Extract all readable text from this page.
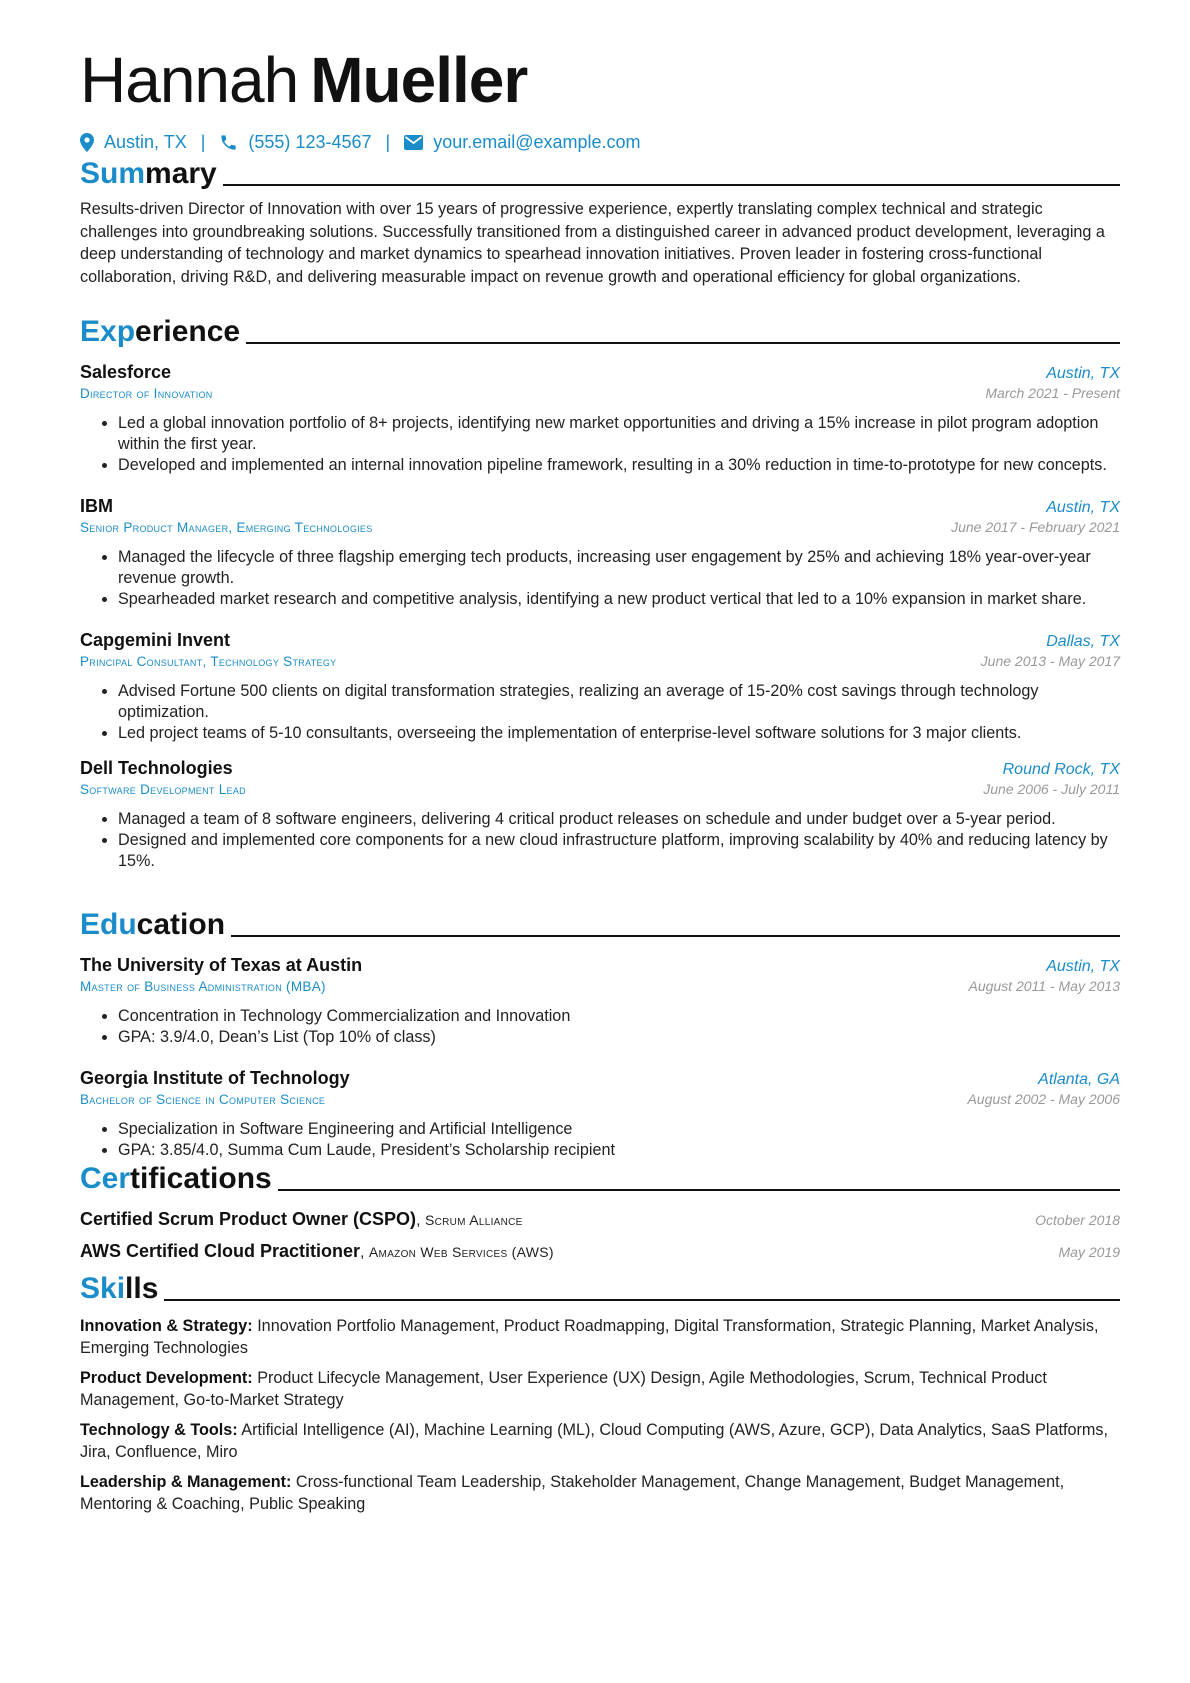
Hannah Mueller
Austin, TX | (555) 123-4567 | your.email@example.com
Summary
Results-driven Director of Innovation with over 15 years of progressive experience, expertly translating complex technical and strategic challenges into groundbreaking solutions. Successfully transitioned from a distinguished career in advanced product development, leveraging a deep understanding of technology and market dynamics to spearhead innovation initiatives. Proven leader in fostering cross-functional collaboration, driving R&D, and delivering measurable impact on revenue growth and operational efficiency for global organizations.
Experience
Salesforce	Austin, TX
Director of Innovation	March 2021 - Present
• Led a global innovation portfolio of 8+ projects, identifying new market opportunities and driving a 15% increase in pilot program adoption within the first year.
• Developed and implemented an internal innovation pipeline framework, resulting in a 30% reduction in time-to-prototype for new concepts.
IBM	Austin, TX
Senior Product Manager, Emerging Technologies	June 2017 - February 2021
• Managed the lifecycle of three flagship emerging tech products, increasing user engagement by 25% and achieving 18% year-over-year revenue growth.
• Spearheaded market research and competitive analysis, identifying a new product vertical that led to a 10% expansion in market share.
Capgemini Invent	Dallas, TX
Principal Consultant, Technology Strategy	June 2013 - May 2017
• Advised Fortune 500 clients on digital transformation strategies, realizing an average of 15-20% cost savings through technology optimization.
• Led project teams of 5-10 consultants, overseeing the implementation of enterprise-level software solutions for 3 major clients.
Dell Technologies	Round Rock, TX
Software Development Lead	June 2006 - July 2011
• Managed a team of 8 software engineers, delivering 4 critical product releases on schedule and under budget over a 5-year period.
• Designed and implemented core components for a new cloud infrastructure platform, improving scalability by 40% and reducing latency by 15%.
Education
The University of Texas at Austin	Austin, TX
Master of Business Administration (MBA)	August 2011 - May 2013
• Concentration in Technology Commercialization and Innovation
• GPA: 3.9/4.0, Dean’s List (Top 10% of class)
Georgia Institute of Technology	Atlanta, GA
Bachelor of Science in Computer Science	August 2002 - May 2006
• Specialization in Software Engineering and Artificial Intelligence
• GPA: 3.85/4.0, Summa Cum Laude, President’s Scholarship recipient
Certifications
Certified Scrum Product Owner (CSPO), Scrum Alliance	October 2018
AWS Certified Cloud Practitioner, Amazon Web Services (AWS)	May 2019
Skills
Innovation & Strategy: Innovation Portfolio Management, Product Roadmapping, Digital Transformation, Strategic Planning, Market Analysis, Emerging Technologies
Product Development: Product Lifecycle Management, User Experience (UX) Design, Agile Methodologies, Scrum, Technical Product Management, Go-to-Market Strategy
Technology & Tools: Artificial Intelligence (AI), Machine Learning (ML), Cloud Computing (AWS, Azure, GCP), Data Analytics, SaaS Platforms, Jira, Confluence, Miro
Leadership & Management: Cross-functional Team Leadership, Stakeholder Management, Change Management, Budget Management, Mentoring & Coaching, Public Speaking
